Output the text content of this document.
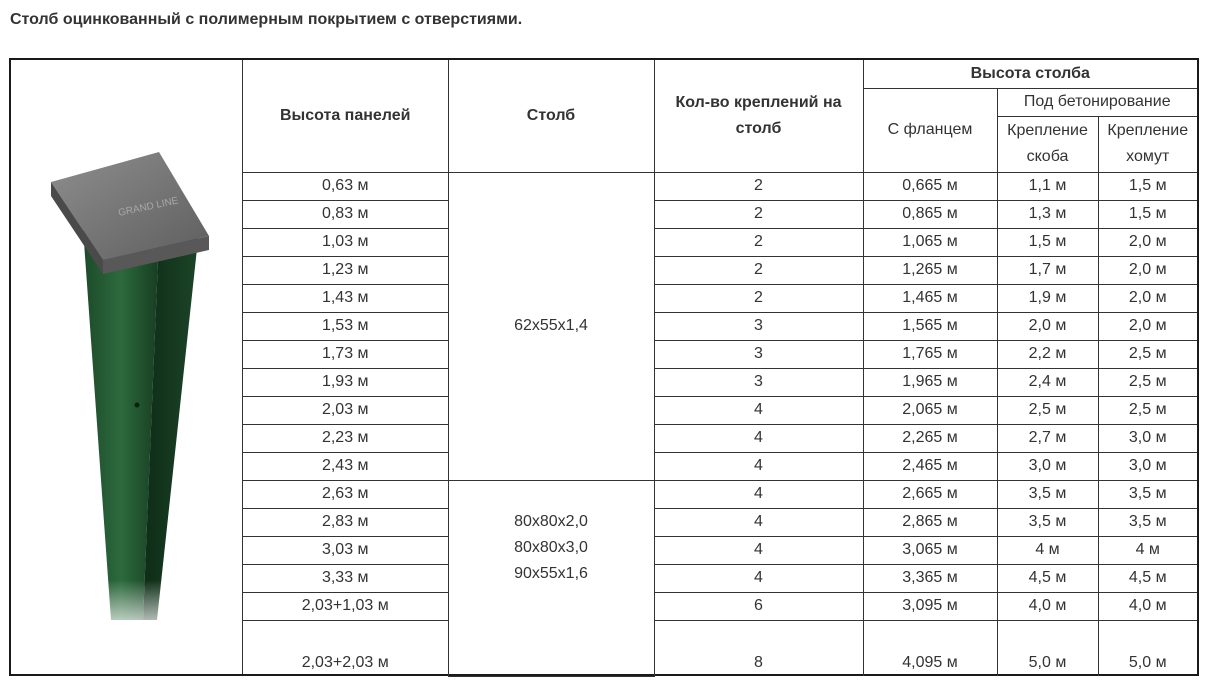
Столб оцинкованный с полимерным покрытием с отверстиями.
GRAND LINE
Высота панелей	Столб	Кол-во креплений на столб	Высота столба		
			С фланцем	Под бетонирование	
				Крепление скоба	Крепление хомут
0,63 м	62x55x1,4	2	0,665 м	1,1 м	1,5 м
0,83 м		2	0,865 м	1,3 м	1,5 м
1,03 м		2	1,065 м	1,5 м	2,0 м
1,23 м		2	1,265 м	1,7 м	2,0 м
1,43 м		2	1,465 м	1,9 м	2,0 м
1,53 м		3	1,565 м	2,0 м	2,0 м
1,73 м		3	1,765 м	2,2 м	2,5 м
1,93 м		3	1,965 м	2,4 м	2,5 м
2,03 м		4	2,065 м	2,5 м	2,5 м
2,23 м		4	2,265 м	2,7 м	3,0 м
2,43 м		4	2,465 м	3,0 м	3,0 м
2,63 м	80x80x2,0
80x80x3,0
90x55x1,6	4	2,665 м	3,5 м	3,5 м
2,83 м		4	2,865 м	3,5 м	3,5 м
3,03 м		4	3,065 м	4 м	4 м
3,33 м		4	3,365 м	4,5 м	4,5 м
2,03+1,03 м		6	3,095 м	4,0 м	4,0 м
2,03+2,03 м		8	4,095 м	5,0 м	5,0 м
